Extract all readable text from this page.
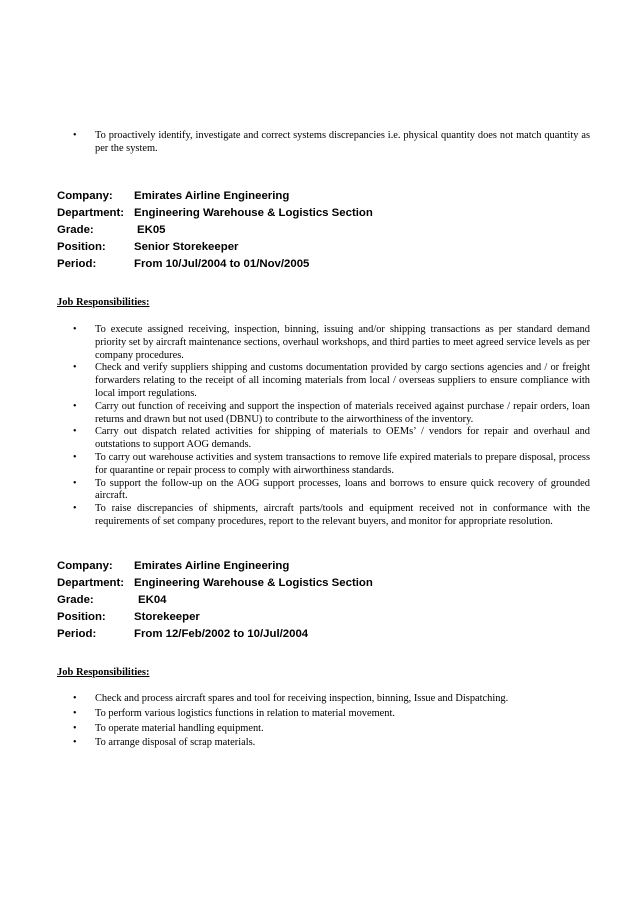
• To proactively identify, investigate and correct systems discrepancies i.e. physical quantity does not match quantity as per the system.
Company: Emirates Airline Engineering
Department: Engineering Warehouse & Logistics Section
Grade:	EK05
Position: Senior Storekeeper
Period:	From 10/Jul/2004 to 01/Nov/2005
Job Responsibilities:
• To execute assigned receiving, inspection, binning, issuing and/or shipping transactions as per standard demand priority set by aircraft maintenance sections, overhaul workshops, and third parties to meet agreed service levels as per company procedures.
• Check and verify suppliers shipping and customs documentation provided by cargo sections agencies and / or freight forwarders relating to the receipt of all incoming materials from local / overseas suppliers to ensure compliance with local import regulations.
• Carry out function of receiving and support the inspection of materials received against purchase / repair orders, loan returns and drawn but not used (DBNU) to contribute to the airworthiness of the inventory.
• Carry out dispatch related activities for shipping of materials to OEMs’ / vendors for repair and overhaul and outstations to support AOG demands.
• To carry out warehouse activities and system transactions to remove life expired materials to prepare disposal, process for quarantine or repair process to comply with airworthiness standards.
• To support the follow-up on the AOG support processes, loans and borrows to ensure quick recovery of grounded aircraft.
• To raise discrepancies of shipments, aircraft parts/tools and equipment received not in conformance with the requirements of set company procedures, report to the relevant buyers, and monitor for appropriate resolution.
Company: Emirates Airline Engineering
Department: Engineering Warehouse & Logistics Section
Grade:	EK04
Position: Storekeeper
Period:	From 12/Feb/2002 to 10/Jul/2004
Job Responsibilities:
• Check and process aircraft spares and tool for receiving inspection, binning, Issue and Dispatching.
• To perform various logistics functions in relation to material movement.
• To operate material handling equipment.
• To arrange disposal of scrap materials.
